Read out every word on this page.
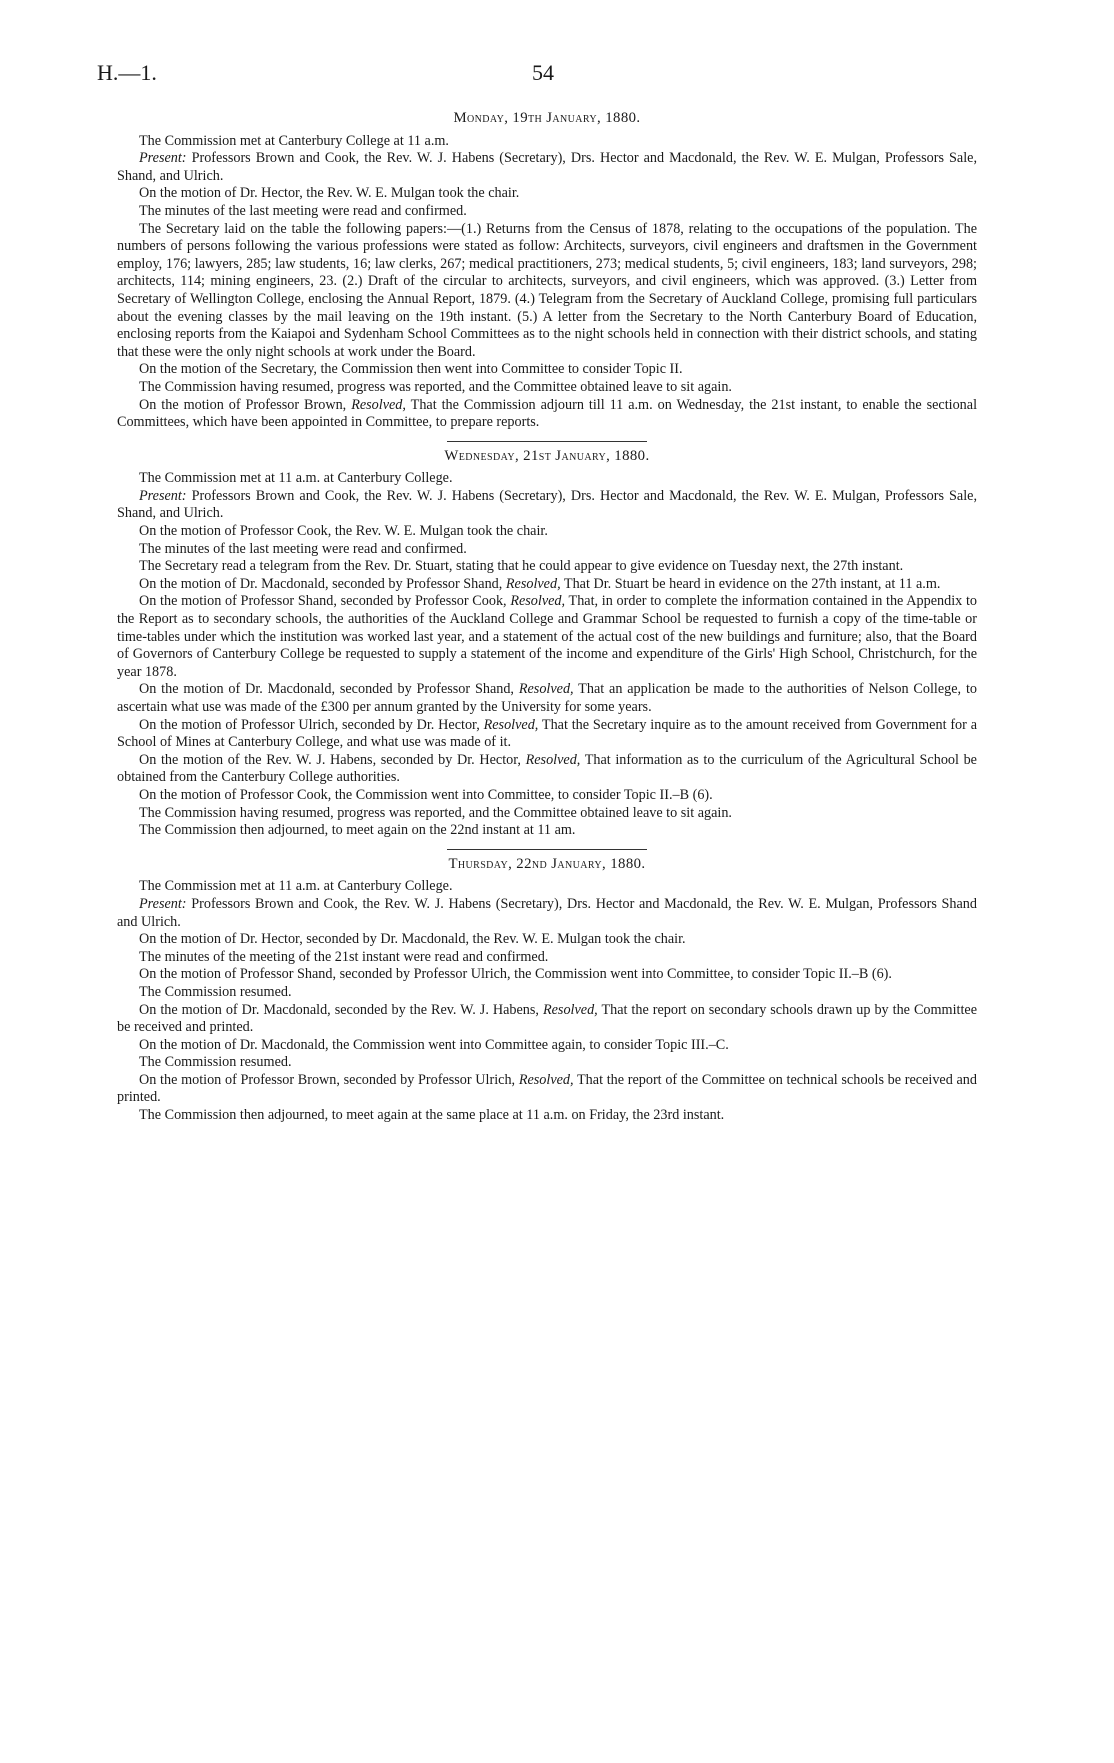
H.—1.	54
Monday, 19th January, 1880.

The Commission met at Canterbury College at 11 a.m.

Present: Professors Brown and Cook, the Rev. W. J. Habens (Secretary), Drs. Hector and Macdonald, the Rev. W. E. Mulgan, Professors Sale, Shand, and Ulrich.

On the motion of Dr. Hector, the Rev. W. E. Mulgan took the chair.

The minutes of the last meeting were read and confirmed.

The Secretary laid on the table the following papers:—(1.) Returns from the Census of 1878, relating to the occupations of the population. The numbers of persons following the various professions were stated as follow: Architects, surveyors, civil engineers and draftsmen in the Government employ, 176; lawyers, 285; law students, 16; law clerks, 267; medical practitioners, 273; medical students, 5; civil engineers, 183; land surveyors, 298; architects, 114; mining engineers, 23. (2.) Draft of the circular to architects, surveyors, and civil engineers, which was approved. (3.) Letter from Secretary of Wellington College, enclosing the Annual Report, 1879. (4.) Telegram from the Secretary of Auckland College, promising full particulars about the evening classes by the mail leaving on the 19th instant. (5.) A letter from the Secretary to the North Canterbury Board of Education, enclosing reports from the Kaiapoi and Sydenham School Committees as to the night schools held in connection with their district schools, and stating that these were the only night schools at work under the Board.

On the motion of the Secretary, the Commission then went into Committee to consider Topic II.

The Commission having resumed, progress was reported, and the Committee obtained leave to sit again.

On the motion of Professor Brown, Resolved, That the Commission adjourn till 11 a.m. on Wednesday, the 21st instant, to enable the sectional Committees, which have been appointed in Committee, to prepare reports.

Wednesday, 21st January, 1880.

The Commission met at 11 a.m. at Canterbury College.

Present: Professors Brown and Cook, the Rev. W. J. Habens (Secretary), Drs. Hector and Macdonald, the Rev. W. E. Mulgan, Professors Sale, Shand, and Ulrich.

On the motion of Professor Cook, the Rev. W. E. Mulgan took the chair.

The minutes of the last meeting were read and confirmed.

The Secretary read a telegram from the Rev. Dr. Stuart, stating that he could appear to give evidence on Tuesday next, the 27th instant.

On the motion of Dr. Macdonald, seconded by Professor Shand, Resolved, That Dr. Stuart be heard in evidence on the 27th instant, at 11 a.m.

On the motion of Professor Shand, seconded by Professor Cook, Resolved, That, in order to complete the information contained in the Appendix to the Report as to secondary schools, the authorities of the Auckland College and Grammar School be requested to furnish a copy of the time-table or time-tables under which the institution was worked last year, and a statement of the actual cost of the new buildings and furniture; also, that the Board of Governors of Canterbury College be requested to supply a statement of the income and expenditure of the Girls' High School, Christchurch, for the year 1878.

On the motion of Dr. Macdonald, seconded by Professor Shand, Resolved, That an application be made to the authorities of Nelson College, to ascertain what use was made of the £300 per annum granted by the University for some years.

On the motion of Professor Ulrich, seconded by Dr. Hector, Resolved, That the Secretary inquire as to the amount received from Government for a School of Mines at Canterbury College, and what use was made of it.

On the motion of the Rev. W. J. Habens, seconded by Dr. Hector, Resolved, That information as to the curriculum of the Agricultural School be obtained from the Canterbury College authorities.

On the motion of Professor Cook, the Commission went into Committee, to consider Topic II.–B (6).

The Commission having resumed, progress was reported, and the Committee obtained leave to sit again.

The Commission then adjourned, to meet again on the 22nd instant at 11 am.

Thursday, 22nd January, 1880.

The Commission met at 11 a.m. at Canterbury College.

Present: Professors Brown and Cook, the Rev. W. J. Habens (Secretary), Drs. Hector and Macdonald, the Rev. W. E. Mulgan, Professors Shand and Ulrich.

On the motion of Dr. Hector, seconded by Dr. Macdonald, the Rev. W. E. Mulgan took the chair.

The minutes of the meeting of the 21st instant were read and confirmed.

On the motion of Professor Shand, seconded by Professor Ulrich, the Commission went into Committee, to consider Topic II.–B (6).

The Commission resumed.

On the motion of Dr. Macdonald, seconded by the Rev. W. J. Habens, Resolved, That the report on secondary schools drawn up by the Committee be received and printed.

On the motion of Dr. Macdonald, the Commission went into Committee again, to consider Topic III.–C.

The Commission resumed.

On the motion of Professor Brown, seconded by Professor Ulrich, Resolved, That the report of the Committee on technical schools be received and printed.

The Commission then adjourned, to meet again at the same place at 11 a.m. on Friday, the 23rd instant.
